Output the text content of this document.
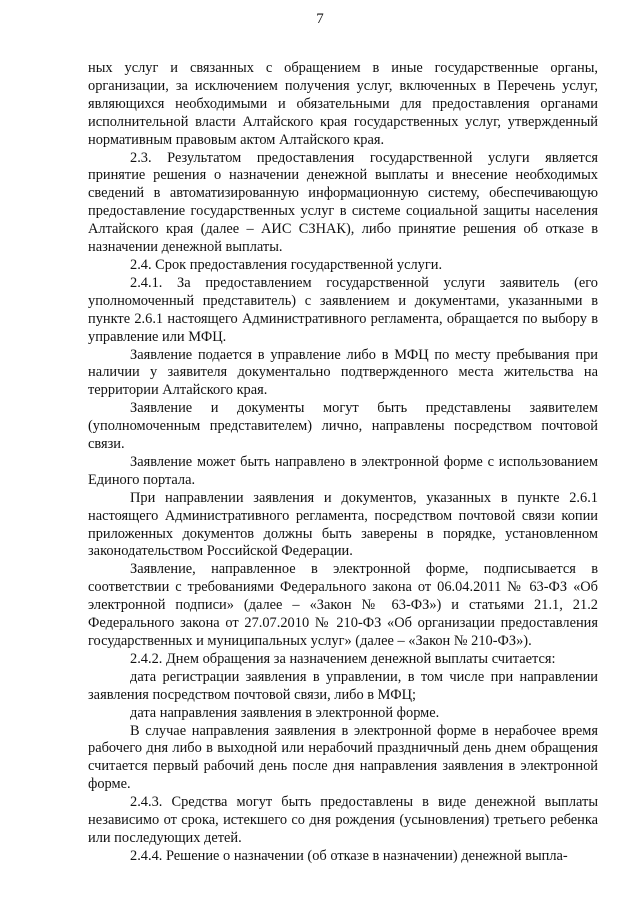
7

ных услуг и связанных с обращением в иные государственные органы, организации, за исключением получения услуг, включенных в Перечень услуг, являющихся необходимыми и обязательными для предоставления органами исполнительной власти Алтайского края государственных услуг, утвержденный нормативным правовым актом Алтайского края.

2.3. Результатом предоставления государственной услуги является принятие решения о назначении денежной выплаты и внесение необходимых сведений в автоматизированную информационную систему, обеспечивающую предоставление государственных услуг в системе социальной защиты населения Алтайского края (далее – АИС СЗНАК), либо принятие решения об отказе в назначении денежной выплаты.

2.4. Срок предоставления государственной услуги.

2.4.1. За предоставлением государственной услуги заявитель (его уполномоченный представитель) с заявлением и документами, указанными в пункте 2.6.1 настоящего Административного регламента, обращается по выбору в управление или МФЦ.

Заявление подается в управление либо в МФЦ по месту пребывания при наличии у заявителя документально подтвержденного места жительства на территории Алтайского края.

Заявление и документы могут быть представлены заявителем (уполномоченным представителем) лично, направлены посредством почтовой связи.

Заявление может быть направлено в электронной форме с использованием Единого портала.

При направлении заявления и документов, указанных в пункте 2.6.1 настоящего Административного регламента, посредством почтовой связи копии приложенных документов должны быть заверены в порядке, установленном законодательством Российской Федерации.

Заявление, направленное в электронной форме, подписывается в соответствии с требованиями Федерального закона от 06.04.2011 № 63-ФЗ «Об электронной подписи» (далее – «Закон № 63-ФЗ») и статьями 21.1, 21.2 Федерального закона от 27.07.2010 № 210-ФЗ «Об организации предоставления государственных и муниципальных услуг» (далее – «Закон № 210-ФЗ»).

2.4.2. Днем обращения за назначением денежной выплаты считается:

дата регистрации заявления в управлении, в том числе при направлении заявления посредством почтовой связи, либо в МФЦ;

дата направления заявления в электронной форме.

В случае направления заявления в электронной форме в нерабочее время рабочего дня либо в выходной или нерабочий праздничный день днем обращения считается первый рабочий день после дня направления заявления в электронной форме.

2.4.3. Средства могут быть предоставлены в виде денежной выплаты независимо от срока, истекшего со дня рождения (усыновления) третьего ребенка или последующих детей.

2.4.4. Решение о назначении (об отказе в назначении) денежной выпла-
